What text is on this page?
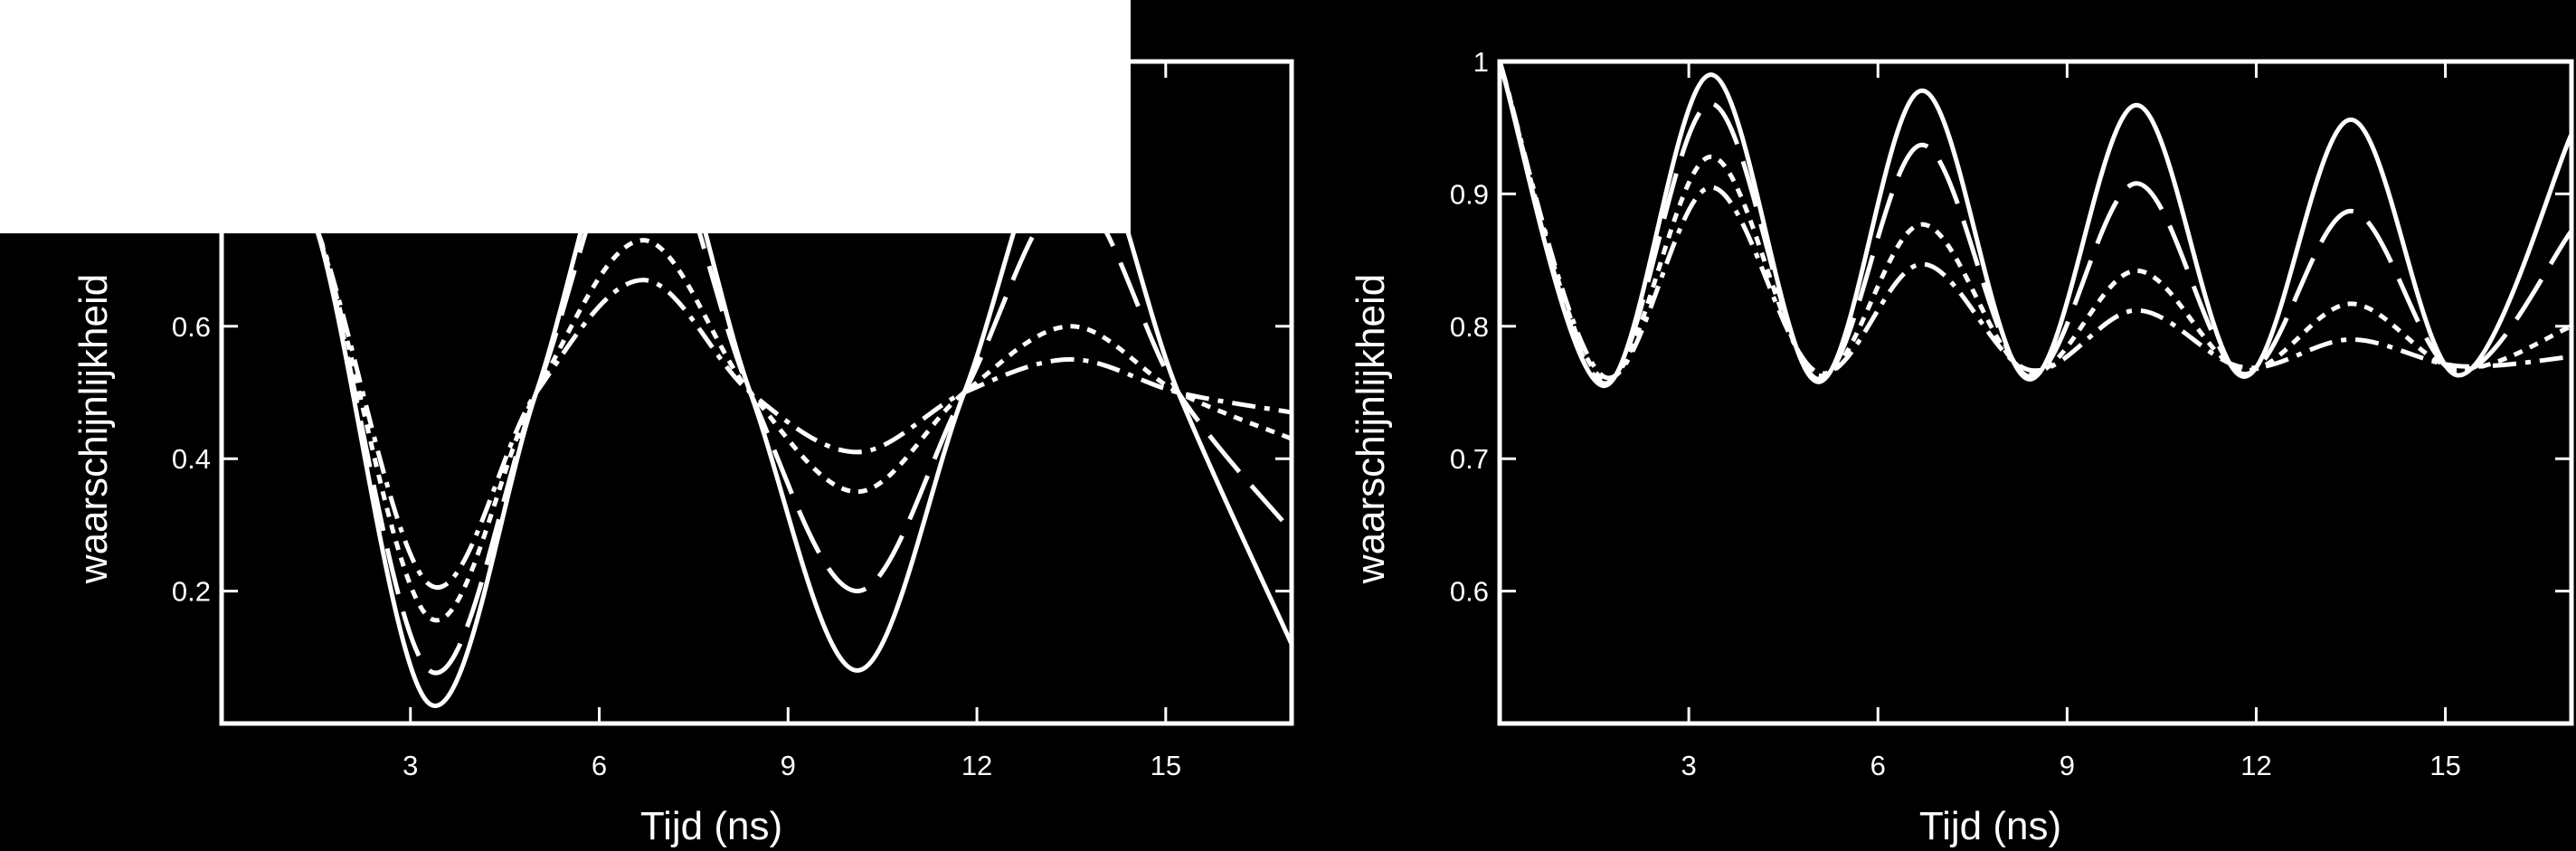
3	6	9	12	15
0.2
0.4
0.6
Tijd (ns)
waarschijnlijkheid
3	6	9	12	15
0.6
0.7
0.8
0.9
1
Tijd (ns)
waarschijnlijkheid
